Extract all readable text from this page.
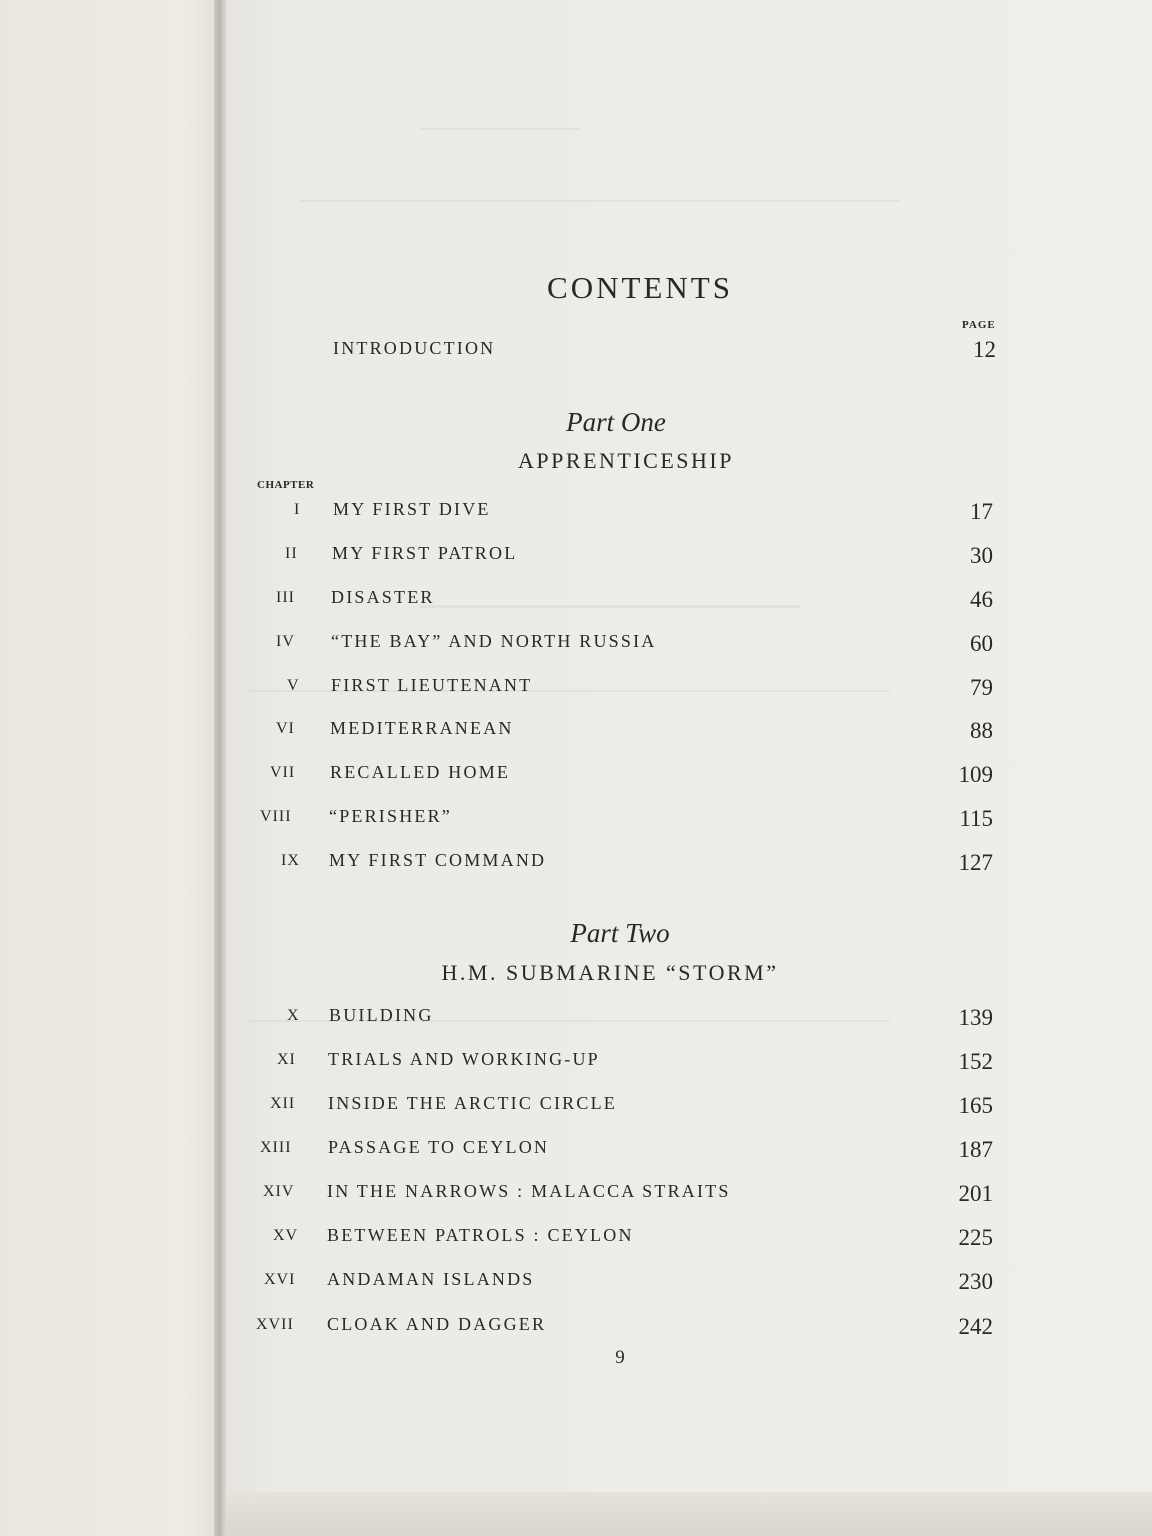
CONTENTS
PAGE
INTRODUCTION	12
Part One
APPRENTICESHIP
CHAPTER
I MY FIRST DIVE	17
II MY FIRST PATROL	30
III DISASTER	46
IV “THE BAY” AND NORTH RUSSIA	60
V FIRST LIEUTENANT	79
VI MEDITERRANEAN	88
VII RECALLED HOME	109
VIII “PERISHER”	115
IX MY FIRST COMMAND	127
Part Two
H.M. SUBMARINE “STORM”
X BUILDING	139
XI TRIALS AND WORKING-UP	152
XII INSIDE THE ARCTIC CIRCLE	165
XIII PASSAGE TO CEYLON	187
XIV IN THE NARROWS : MALACCA STRAITS	201
XV BETWEEN PATROLS : CEYLON	225
XVI ANDAMAN ISLANDS	230
XVII CLOAK AND DAGGER	242
9
